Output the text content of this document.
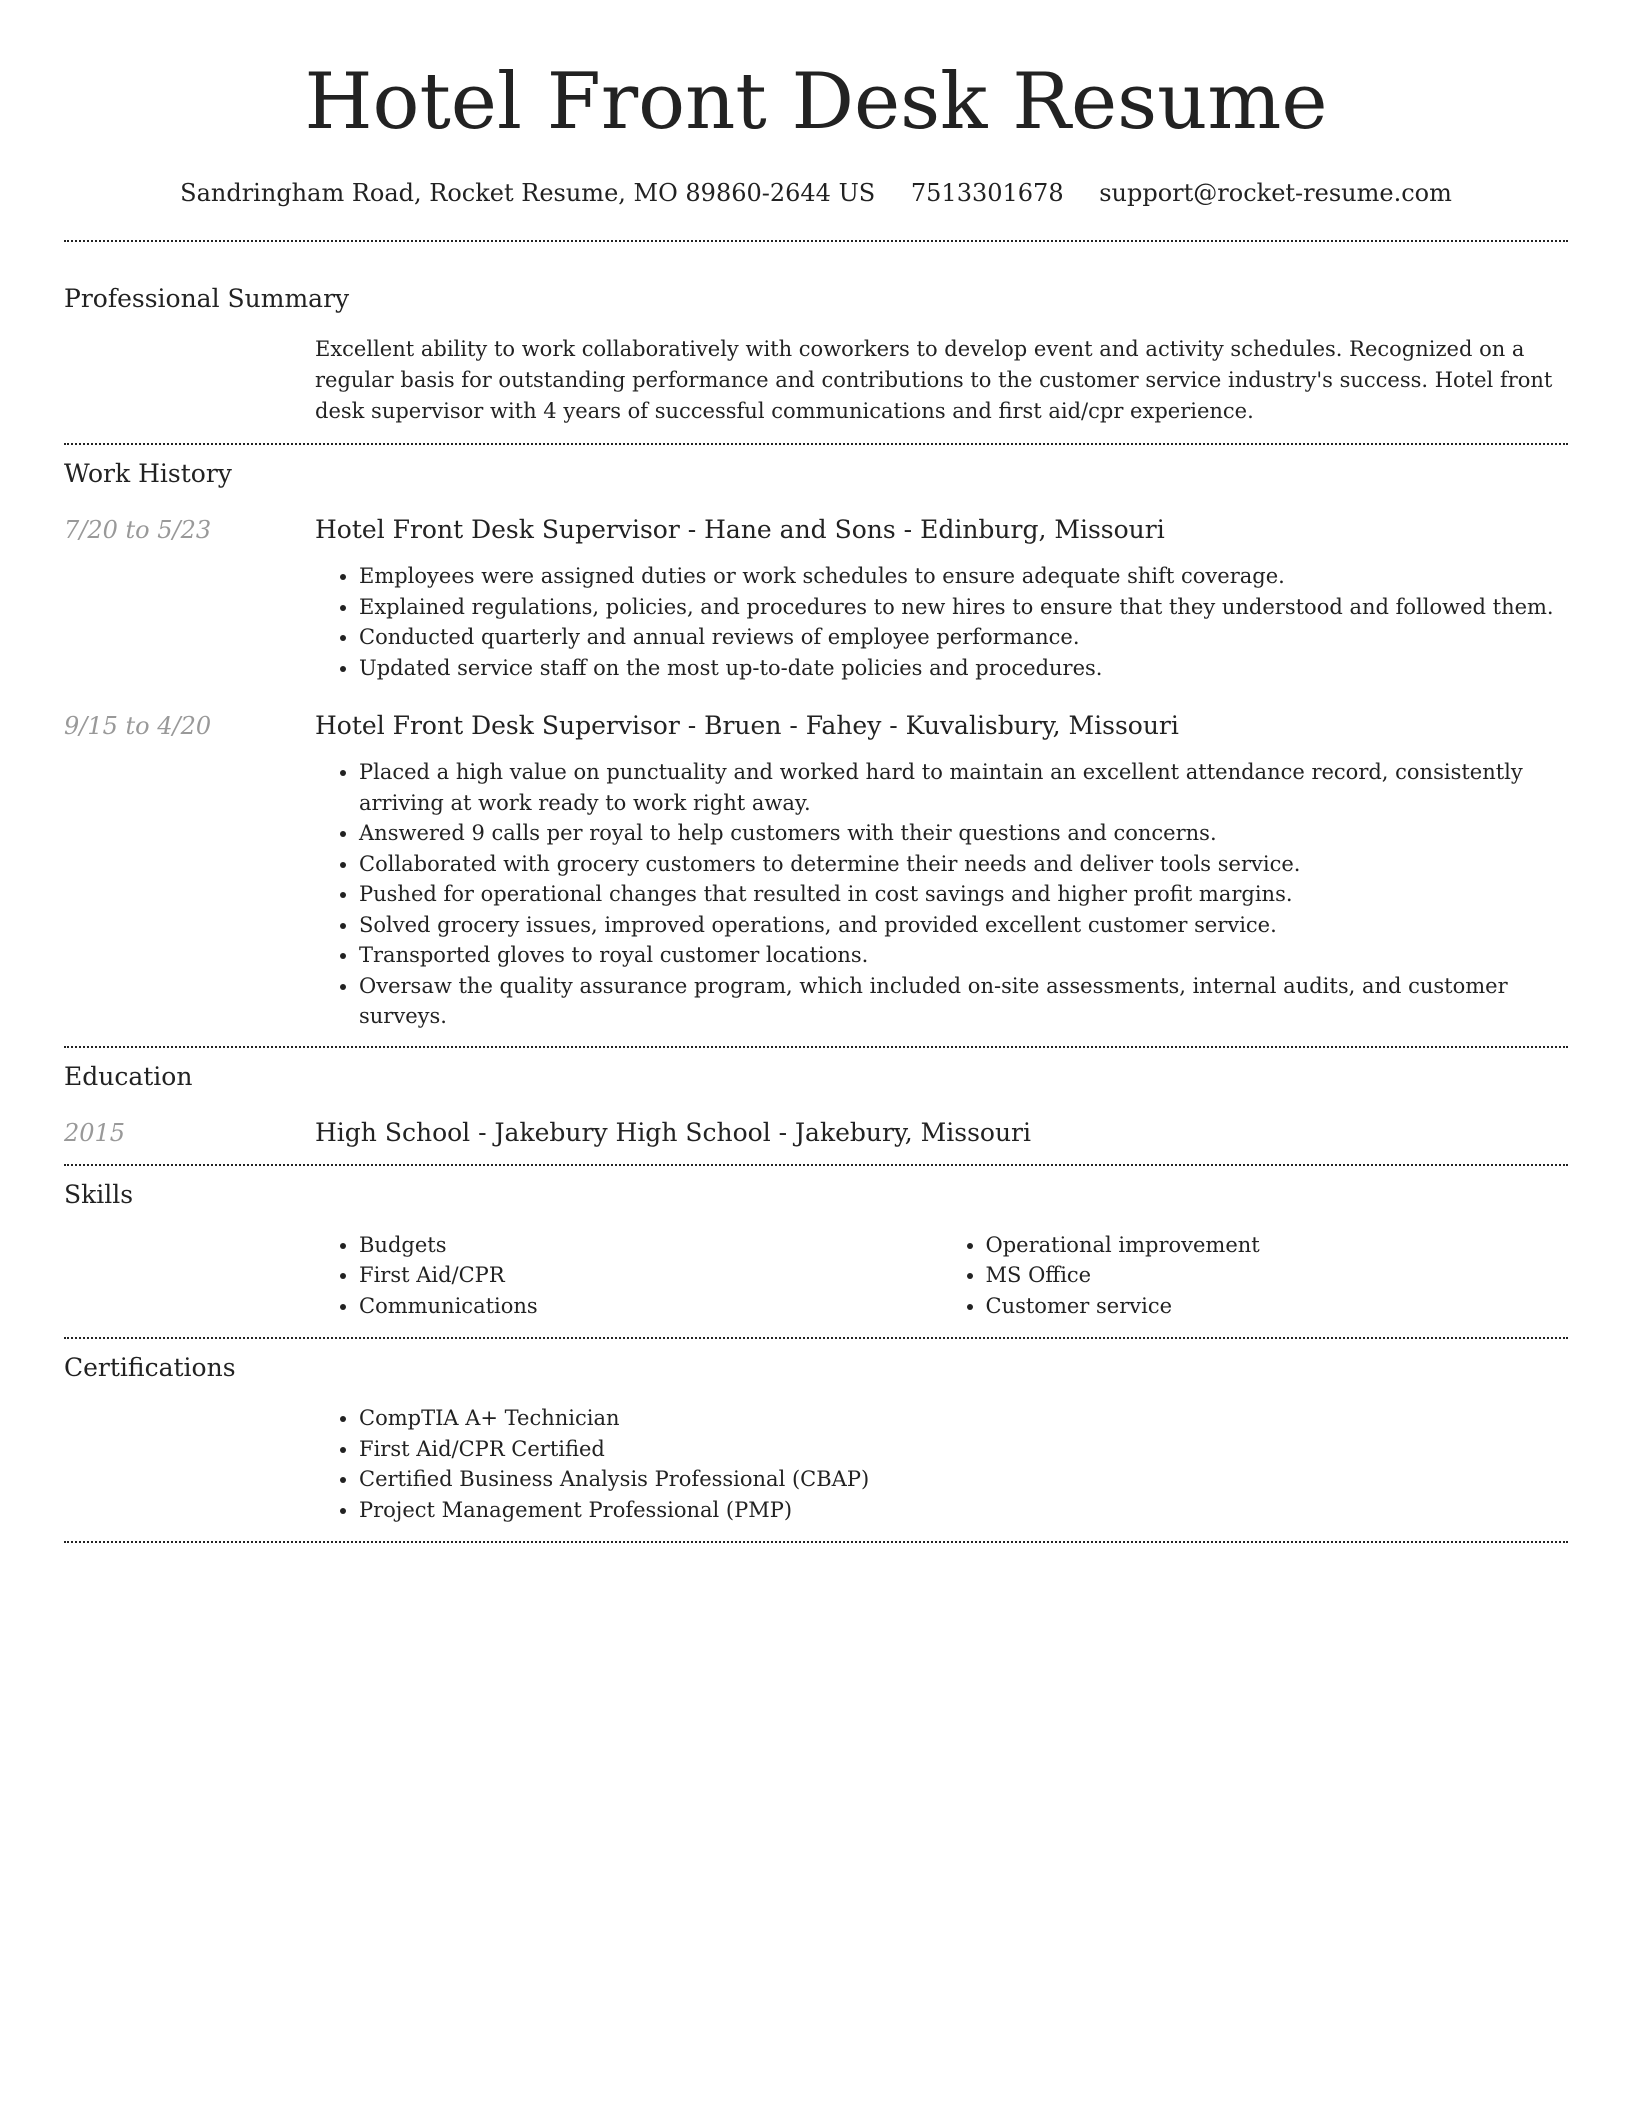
Hotel Front Desk Resume
Sandringham Road, Rocket Resume, MO 89860-2644 US 7513301678 support@rocket-resume.com
Professional Summary

Excellent ability to work collaboratively with coworkers to develop event and activity schedules. Recognized on a regular basis for outstanding performance and contributions to the customer service industry's success. Hotel front desk supervisor with 4 years of successful communications and first aid/cpr experience.

Work History
7/20 to 5/23	Hotel Front Desk Supervisor - Hane and Sons - Edinburg, Missouri
• Employees were assigned duties or work schedules to ensure adequate shift coverage.
• Explained regulations, policies, and procedures to new hires to ensure that they understood and followed them.
• Conducted quarterly and annual reviews of employee performance.
• Updated service staff on the most up-to-date policies and procedures.
9/15 to 4/20	Hotel Front Desk Supervisor - Bruen - Fahey - Kuvalisbury, Missouri
• Placed a high value on punctuality and worked hard to maintain an excellent attendance record, consistently arriving at work ready to work right away.
• Answered 9 calls per royal to help customers with their questions and concerns.
• Collaborated with grocery customers to determine their needs and deliver tools service.
• Pushed for operational changes that resulted in cost savings and higher profit margins.
• Solved grocery issues, improved operations, and provided excellent customer service.
• Transported gloves to royal customer locations.
• Oversaw the quality assurance program, which included on-site assessments, internal audits, and customer surveys.
Education
2015	High School - Jakebury High School - Jakebury, Missouri
Skills
• Budgets
• First Aid/CPR
• Communications
• Operational improvement
• MS Office
• Customer service
Certifications
• CompTIA A+ Technician
• First Aid/CPR Certified
• Certified Business Analysis Professional (CBAP)
• Project Management Professional (PMP)
